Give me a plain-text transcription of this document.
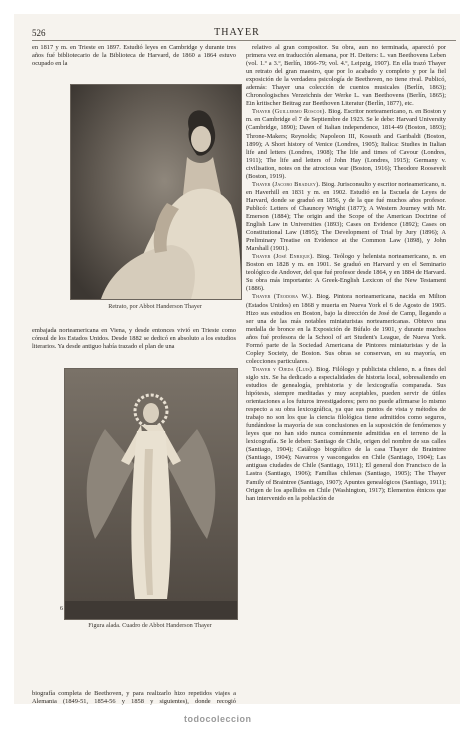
526	THAYER

en 1817 y m. en Trieste en 1897. Estudió leyes en Cambridge y durante tres años fué bibliotecario de la Biblioteca de Harvard, de 1860 a 1864 estuvo ocupado en la

Retrato, por Abbot Handerson Thayer

embajada norteamericana en Viena, y desde entonces vivió en Trieste como cónsul de los Estados Unidos. Desde 1882 se dedicó en absoluto a los estudios literarios. Ya desde antiguo había trazado el plan de una

6
Figura alada. Cuadro de Abbot Handerson Thayer

biografía completa de Beethoven, y para realizarlo hizo repetidos viajes a Alemania (1849-51, 1854-56 y 1858 y siguientes), donde recogió

relativo al gran compositor. Su obra, aun no terminada, apareció por primera vez en traducción alemana, por H. Deiters: L. van Beethovens Leben (vol. 1.º a 3.º, Berlín, 1866-79; vol. 4.º, Leipzig, 1907). En ella trazó Thayer un retrato del gran maestro, que por lo acabado y completo y por la fiel exposición de la verdadera psicología de Beethoven, no tiene rival. Publicó, además: Thayer una colección de cuentos musicales (Berlín, 1863); Chronologisches Verzeichnis der Werke L. van Beethovens (Berlín, 1865); Ein kritischer Beitrag zur Beethoven Literatur (Berlín, 1877), etc.

Thayer (Guillermo Roscoe). Biog. Escritor norteamericano, n. en Boston y m. en Cambridge el 7 de Septiembre de 1923. Se le debe: Harvard University (Cambridge, 1890); Dawn of Italian independence, 1814-49 (Boston, 1893); Throne-Makers; Reynolds; Napoleon III, Kossuth and Garibaldi (Boston, 1899); A Short history of Venice (Londres, 1905); Italica: Studies in Italian life and letters (Londres, 1908); The life and times of Cavour (Londres, 1911); The life and letters of John Hay (Londres, 1915); Germany v. civilisation, notes on the atrocious war (Boston, 1916); Theodore Roosevelt (Boston, 1919).

Thayer (Jacobo Bradley). Biog. Jurisconsulto y escritor norteamericano, n. en Haverhill en 1831 y m. en 1902. Estudió en la Escuela de Leyes de Harvard, donde se graduó en 1856, y de la que fué muchos años profesor. Publicó: Letters of Chauncey Wright (1877); A Western Journey with Mr. Emerson (1884); The origin and the Scope of the American Doctrine of English Law in Universities (1893); Cases on Evidence (1892); Cases on Constitutional Law (1895); The Development of Trial by Jury (1896); A Preliminary Treatise on Evidence at the Common Law (1898), y John Marshall (1901).

Thayer (José Enrique). Biog. Teólogo y helenista norteamericano, n. en Boston en 1828 y m. en 1901. Se graduó en Harvard y en el Seminario teológico de Andover, del que fué profesor desde 1864, y en 1884 de Harvard. Su obra más importante: A Greek-English Lexicon of the New Testament (1886).

Thayer (Teodora W.). Biog. Pintora norteamericana, nacida en Milton (Estados Unidos) en 1868 y muerta en Nueva York el 6 de Agosto de 1905. Hizo sus estudios en Boston, bajo la dirección de José de Camp, llegando a ser una de las más notables miniaturistas norteamericanas. Obtuvo una medalla de bronce en la Exposición de Búfalo de 1901, y durante muchos años fué profesora de la School of art Student's League, de Nueva York. Formó parte de la Sociedad Americana de Pintores miniaturistas y de la Copley Society, de Boston. Sus obras se conservan, en su mayoría, en colecciones particulares.

Thayer y Ojeda (Luis). Biog. Filólogo y publicista chileno, n. a fines del siglo xix. Se ha dedicado a especialidades de historia local, sobresaliendo en estudios de genealogía, prehistoria y de lexicografía comparada. Sus hipótesis, siempre meditadas y muy aceptables, pueden servir de útiles orientaciones a los futuros investigadores; pero no puede afirmarse lo mismo respecto a su obra lexicográfica, ya que sus puntos de vista y métodos de trabajo no son los que la ciencia filológica tiene admitidos como seguros, fundándose la mayoría de sus conclusiones en la suposición de fenómenos y leyes que no han sido nunca comúnmente admitidas en el terreno de la lexicografía. Se le deben: Santiago de Chile, origen del nombre de sus calles (Santiago, 1904); Catálogo biográfico de la casa Thayer de Braintree (Santiago, 1904); Navarros y vascongados en Chile (Santiago, 1904); Las antiguas ciudades de Chile (Santiago, 1911); El general don Francisco de la Lastra (Santiago, 1906); Familias chilenas (Santiago, 1905); The Thayer Family of Braintree (Santiago, 1907); Apuntes genealógicos (Santiago, 1911); Origen de los apellidos en Chile (Washington, 1917); Elementos étnicos que han intervenido en la población de

todocoleccion
